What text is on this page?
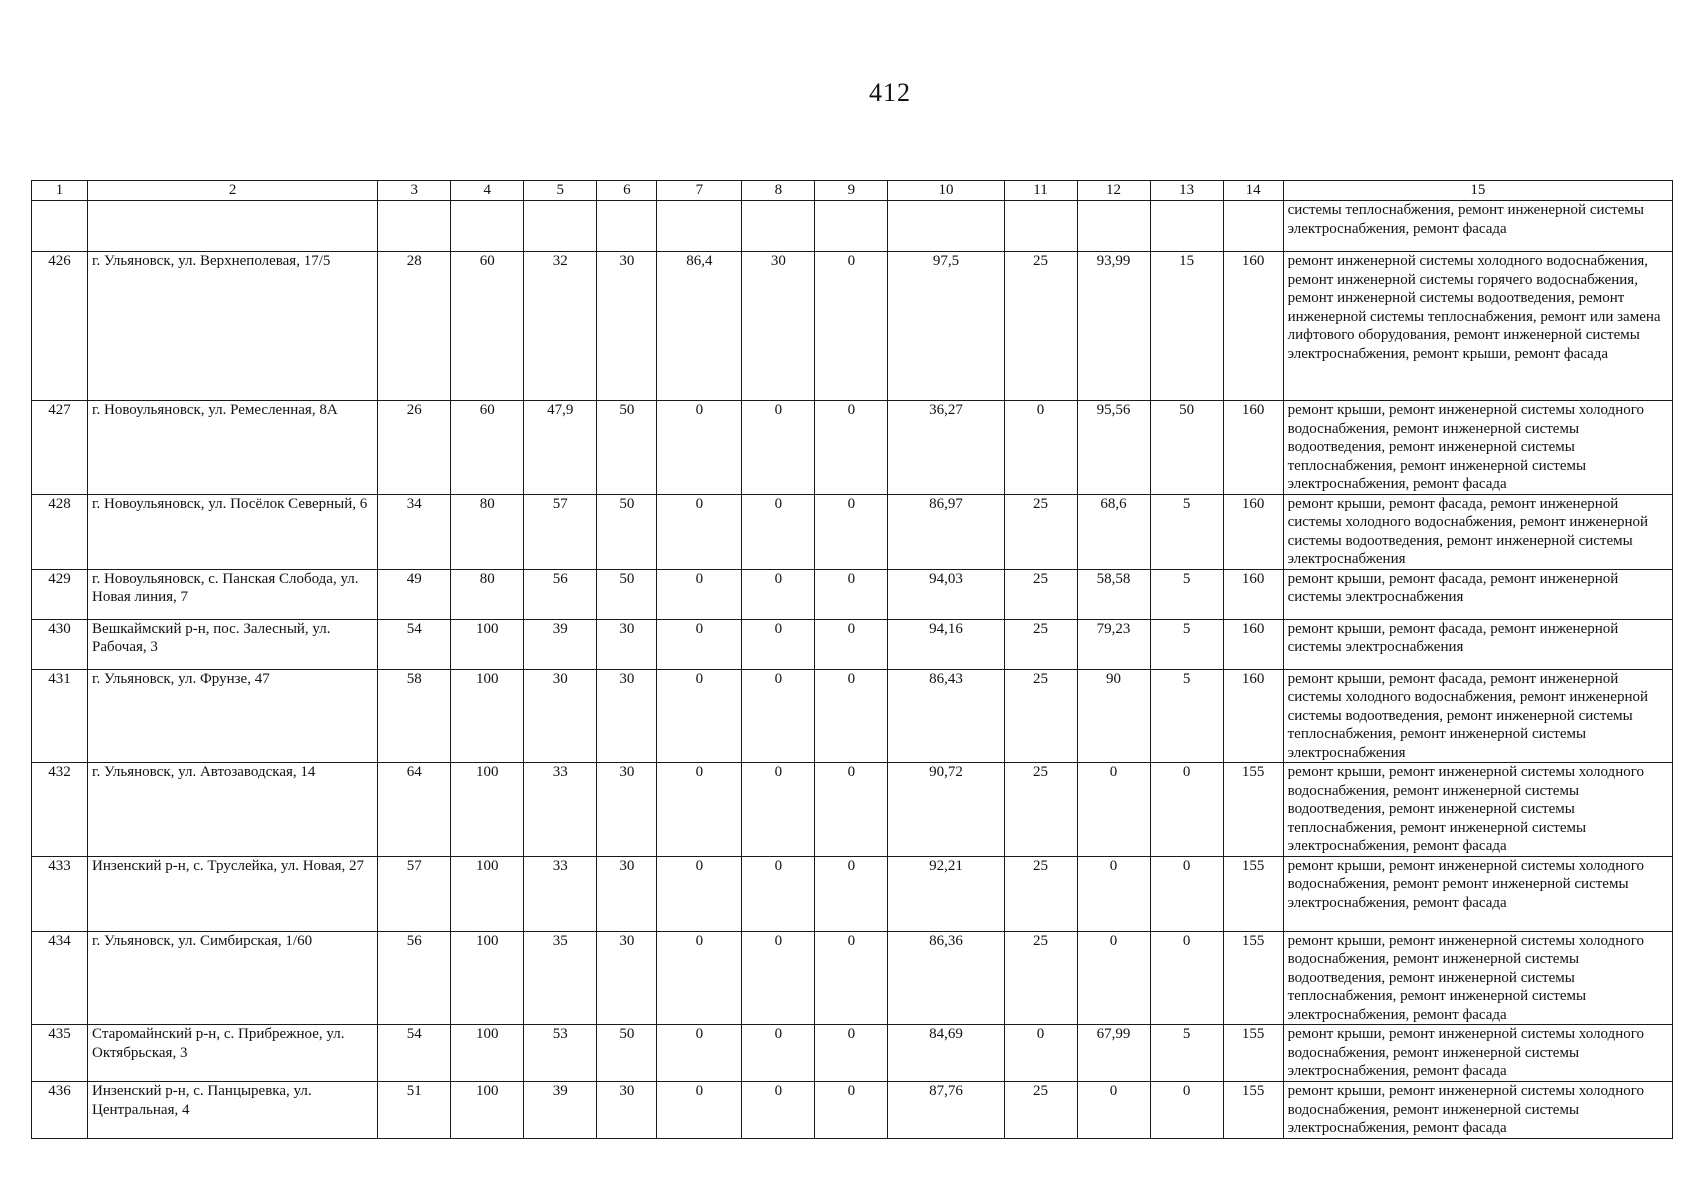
412
1	2	3	4	5	6	7	8	9	10	11	12	13	14	15
														системы теплоснабжения, ремонт инженерной системы электроснабжения, ремонт фасада
426	г. Ульяновск, ул. Верхнеполевая, 17/5	28	60	32	30	86,4	30	0	97,5	25	93,99	15	160	ремонт инженерной системы холодного водоснабжения, ремонт инженерной системы горячего водоснабжения, ремонт инженерной системы водоотведения, ремонт инженерной системы теплоснабжения, ремонт или замена лифтового оборудования, ремонт инженерной системы электроснабжения, ремонт крыши, ремонт фасада
427	г. Новоульяновск, ул. Ремесленная, 8А	26	60	47,9	50	0	0	0	36,27	0	95,56	50	160	ремонт крыши, ремонт инженерной системы холодного водоснабжения, ремонт инженерной системы водоотведения, ремонт инженерной системы теплоснабжения, ремонт инженерной системы электроснабжения, ремонт фасада
428	г. Новоульяновск, ул. Посёлок Северный, 6	34	80	57	50	0	0	0	86,97	25	68,6	5	160	ремонт крыши, ремонт фасада, ремонт инженерной системы холодного водоснабжения, ремонт инженерной системы водоотведения, ремонт инженерной системы электроснабжения
429	г. Новоульяновск, с. Панская Слобода, ул. Новая линия, 7	49	80	56	50	0	0	0	94,03	25	58,58	5	160	ремонт крыши, ремонт фасада, ремонт инженерной системы электроснабжения
430	Вешкаймский р-н, пос. Залесный, ул. Рабочая, 3	54	100	39	30	0	0	0	94,16	25	79,23	5	160	ремонт крыши, ремонт фасада, ремонт инженерной системы электроснабжения
431	г. Ульяновск, ул. Фрунзе, 47	58	100	30	30	0	0	0	86,43	25	90	5	160	ремонт крыши, ремонт фасада, ремонт инженерной системы холодного водоснабжения, ремонт инженерной системы водоотведения, ремонт инженерной системы теплоснабжения, ремонт инженерной системы электроснабжения
432	г. Ульяновск, ул. Автозаводская, 14	64	100	33	30	0	0	0	90,72	25	0	0	155	ремонт крыши, ремонт инженерной системы холодного водоснабжения, ремонт инженерной системы водоотведения, ремонт инженерной системы теплоснабжения, ремонт инженерной системы электроснабжения, ремонт фасада
433	Инзенский р-н, с. Труслейка, ул. Новая, 27	57	100	33	30	0	0	0	92,21	25	0	0	155	ремонт крыши, ремонт инженерной системы холодного водоснабжения, ремонт ремонт инженерной системы электроснабжения, ремонт фасада
434	г. Ульяновск, ул. Симбирская, 1/60	56	100	35	30	0	0	0	86,36	25	0	0	155	ремонт крыши, ремонт инженерной системы холодного водоснабжения, ремонт инженерной системы водоотведения, ремонт инженерной системы теплоснабжения, ремонт инженерной системы электроснабжения, ремонт фасада
435	Старомайнский р-н, с. Прибрежное, ул. Октябрьская, 3	54	100	53	50	0	0	0	84,69	0	67,99	5	155	ремонт крыши, ремонт инженерной системы холодного водоснабжения, ремонт инженерной системы электроснабжения, ремонт фасада
436	Инзенский р-н, с. Панцыревка, ул. Центральная, 4	51	100	39	30	0	0	0	87,76	25	0	0	155	ремонт крыши, ремонт инженерной системы холодного водоснабжения, ремонт инженерной системы электроснабжения, ремонт фасада
